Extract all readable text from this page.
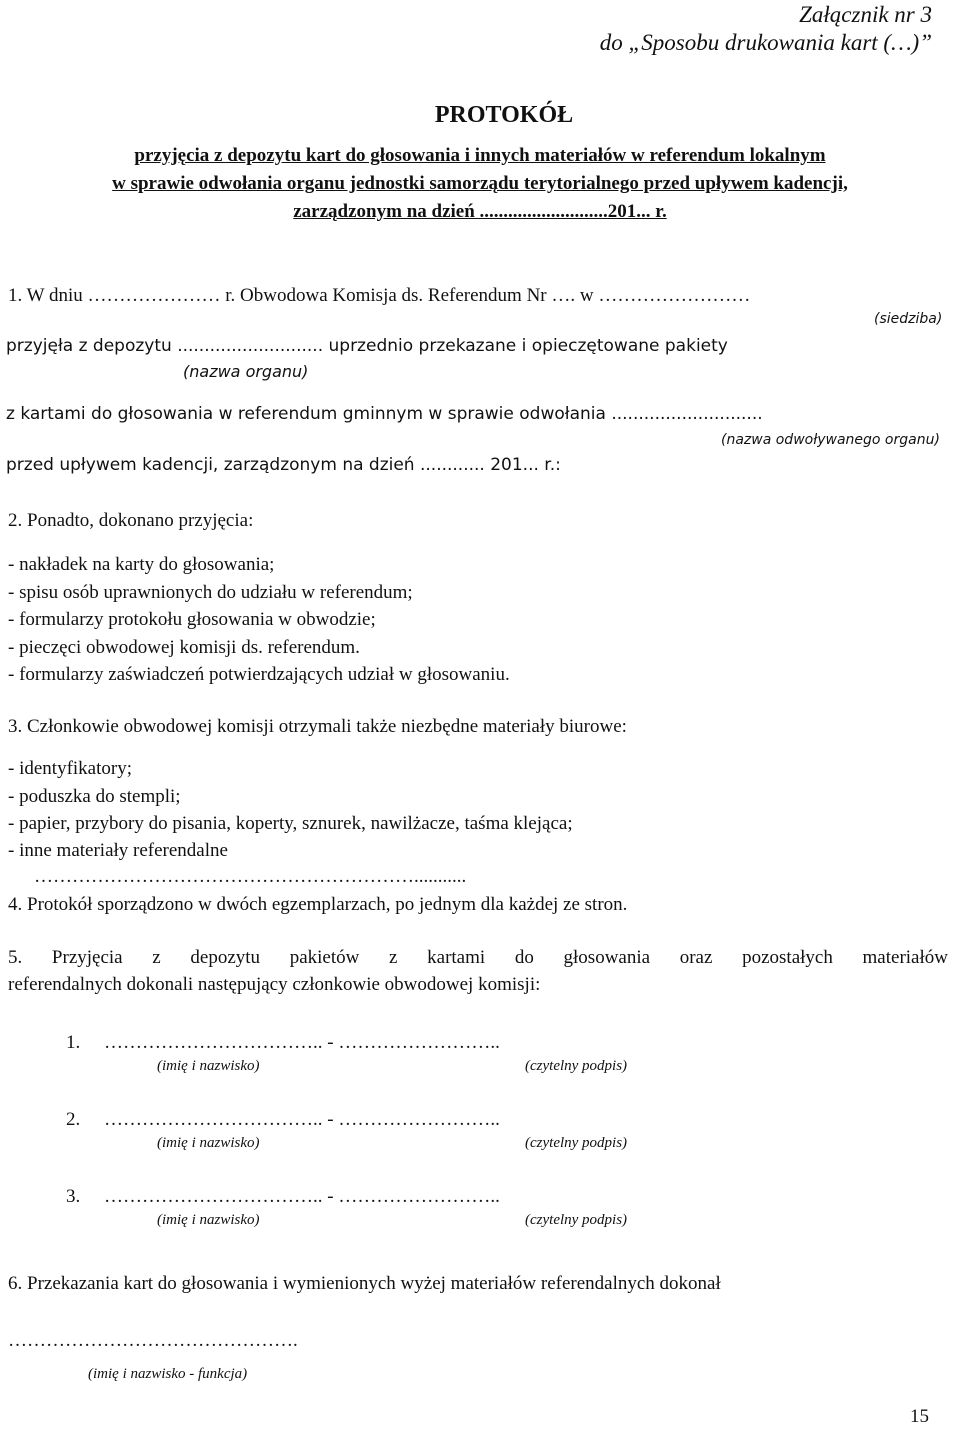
Załącznik nr 3
do „Sposobu drukowania kart (…)”
PROTOKÓŁ
przyjęcia z depozytu kart do głosowania i innych materiałów w referendum lokalnym
w sprawie odwołania organu jednostki samorządu terytorialnego przed upływem kadencji,
zarządzonym na dzień ...........................201... r.
1. W dniu ………………… r. Obwodowa Komisja ds. Referendum Nr …. w ……………………
(siedziba)
przyjęła z depozytu ........................... uprzednio przekazane i opieczętowane pakiety
(nazwa organu)
z kartami do głosowania w referendum gminnym w sprawie odwołania ............................
(nazwa odwoływanego organu)
przed upływem kadencji, zarządzonym na dzień ............ 201... r.:
2. Ponadto, dokonano przyjęcia:
- nakładek na karty do głosowania;
- spisu osób uprawnionych do udziału w referendum;
- formularzy protokołu głosowania w obwodzie;
- pieczęci obwodowej komisji ds. referendum.
- formularzy zaświadczeń potwierdzających udział w głosowaniu.
3. Członkowie obwodowej komisji otrzymali także niezbędne materiały biurowe:
- identyfikatory;
- poduszka do stempli;
- papier, przybory do pisania, koperty, sznurek, nawilżacze, taśma klejąca;
- inne materiały referendalne
……………………………………………………...........
4. Protokół sporządzono w dwóch egzemplarzach, po jednym dla każdej ze stron.
5. Przyjęcia z depozytu pakietów z kartami do głosowania oraz pozostałych materiałów
referendalnych dokonali następujący członkowie obwodowej komisji:
1. …………………………….. - ……………………..
(imię i nazwisko)	(czytelny podpis)
2. …………………………….. - ……………………..
(imię i nazwisko)	(czytelny podpis)
3. …………………………….. - ……………………..
(imię i nazwisko)	(czytelny podpis)
6. Przekazania kart do głosowania i wymienionych wyżej materiałów referendalnych dokonał
……………………………………….
(imię i nazwisko - funkcja)
15
